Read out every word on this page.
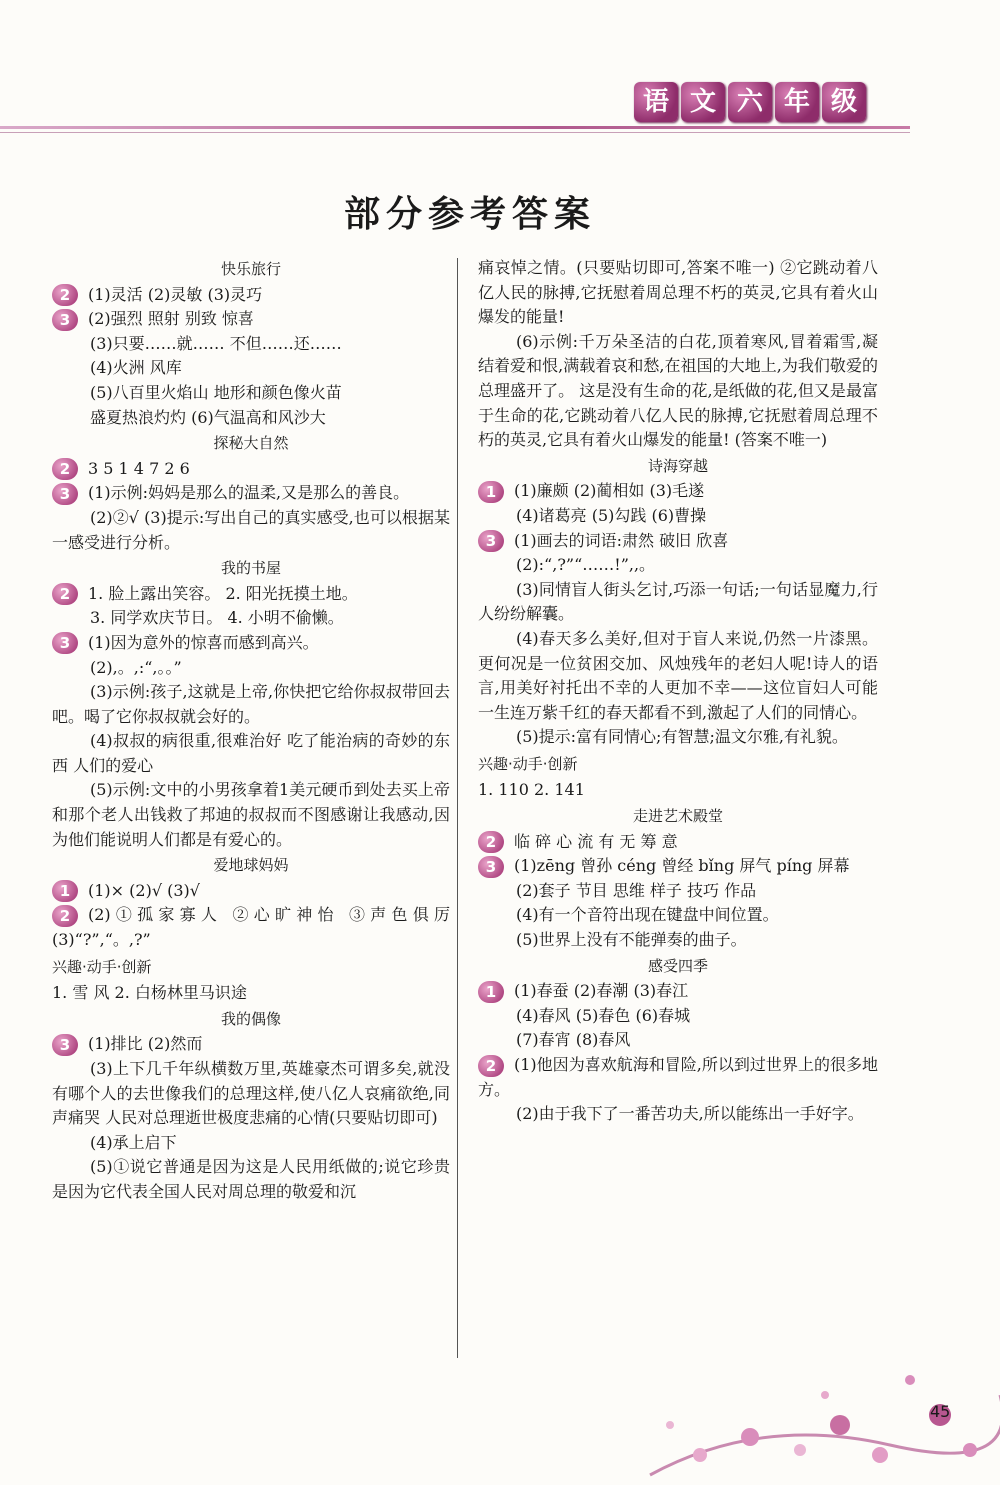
语 文 六 年 级
部分参考答案
快乐旅行
2 (1)灵活 (2)灵敏 (3)灵巧
3 (2)强烈 照射 别致 惊喜
(3)只要……就…… 不但……还……
(4)火洲 风库
(5)八百里火焰山 地形和颜色像火苗
盛夏热浪灼灼 (6)气温高和风沙大
探秘大自然
2 3 5 1 4 7 2 6
3 (1)示例:妈妈是那么的温柔,又是那么的善良。
(2)②√ (3)提示:写出自己的真实感受,也可以根据某一感受进行分析。
我的书屋
2 1. 脸上露出笑容。 2. 阳光抚摸土地。
3. 同学欢庆节日。 4. 小明不偷懒。
3 (1)因为意外的惊喜而感到高兴。
(2),。,:“,。。”
(3)示例:孩子,这就是上帝,你快把它给你叔叔带回去吧。喝了它你叔叔就会好的。
(4)叔叔的病很重,很难治好 吃了能治病的奇妙的东西 人们的爱心
(5)示例:文中的小男孩拿着1美元硬币到处去买上帝和那个老人出钱救了邦迪的叔叔而不图感谢让我感动,因为他们能说明人们都是有爱心的。
爱地球妈妈
1 (1)× (2)√ (3)√
2 (2)①孤家寡人 ②心旷神怡 ③声色俱厉 (3)“?”,“。,?”
兴趣·动手·创新
1. 雪 风 2. 白杨林里马识途
我的偶像
3 (1)排比 (2)然而
(3)上下几千年纵横数万里,英雄豪杰可谓多矣,就没有哪个人的去世像我们的总理这样,使八亿人哀痛欲绝,同声痛哭 人民对总理逝世极度悲痛的心情(只要贴切即可)
(4)承上启下
(5)①说它普通是因为这是人民用纸做的;说它珍贵是因为它代表全国人民对周总理的敬爱和沉
痛哀悼之情。(只要贴切即可,答案不唯一) ②它跳动着八亿人民的脉搏,它抚慰着周总理不朽的英灵,它具有着火山爆发的能量!
(6)示例:千万朵圣洁的白花,顶着寒风,冒着霜雪,凝结着爱和恨,满载着哀和愁,在祖国的大地上,为我们敬爱的总理盛开了。 这是没有生命的花,是纸做的花,但又是最富于生命的花,它跳动着八亿人民的脉搏,它抚慰着周总理不朽的英灵,它具有着火山爆发的能量! (答案不唯一)
诗海穿越
1 (1)廉颇 (2)蔺相如 (3)毛遂
(4)诸葛亮 (5)勾践 (6)曹操
3 (1)画去的词语:肃然 破旧 欣喜
(2):“,?”“……!”,,。
(3)同情盲人街头乞讨,巧添一句话;一句话显魔力,行人纷纷解囊。
(4)春天多么美好,但对于盲人来说,仍然一片漆黑。更何况是一位贫困交加、风烛残年的老妇人呢!诗人的语言,用美好衬托出不幸的人更加不幸——这位盲妇人可能一生连万紫千红的春天都看不到,激起了人们的同情心。
(5)提示:富有同情心;有智慧;温文尔雅,有礼貌。
兴趣·动手·创新
1. 110 2. 141
走进艺术殿堂
2 临 碎 心 流 有 无 筹 意
3 (1)zēng 曾孙 céng 曾经 bǐng 屏气 píng 屏幕
(2)套子 节目 思维 样子 技巧 作品
(4)有一个音符出现在键盘中间位置。
(5)世界上没有不能弹奏的曲子。
感受四季
1 (1)春蚕 (2)春潮 (3)春江
(4)春风 (5)春色 (6)春城
(7)春宵 (8)春风
2 (1)他因为喜欢航海和冒险,所以到过世界上的很多地方。
(2)由于我下了一番苦功夫,所以能练出一手好字。
45
